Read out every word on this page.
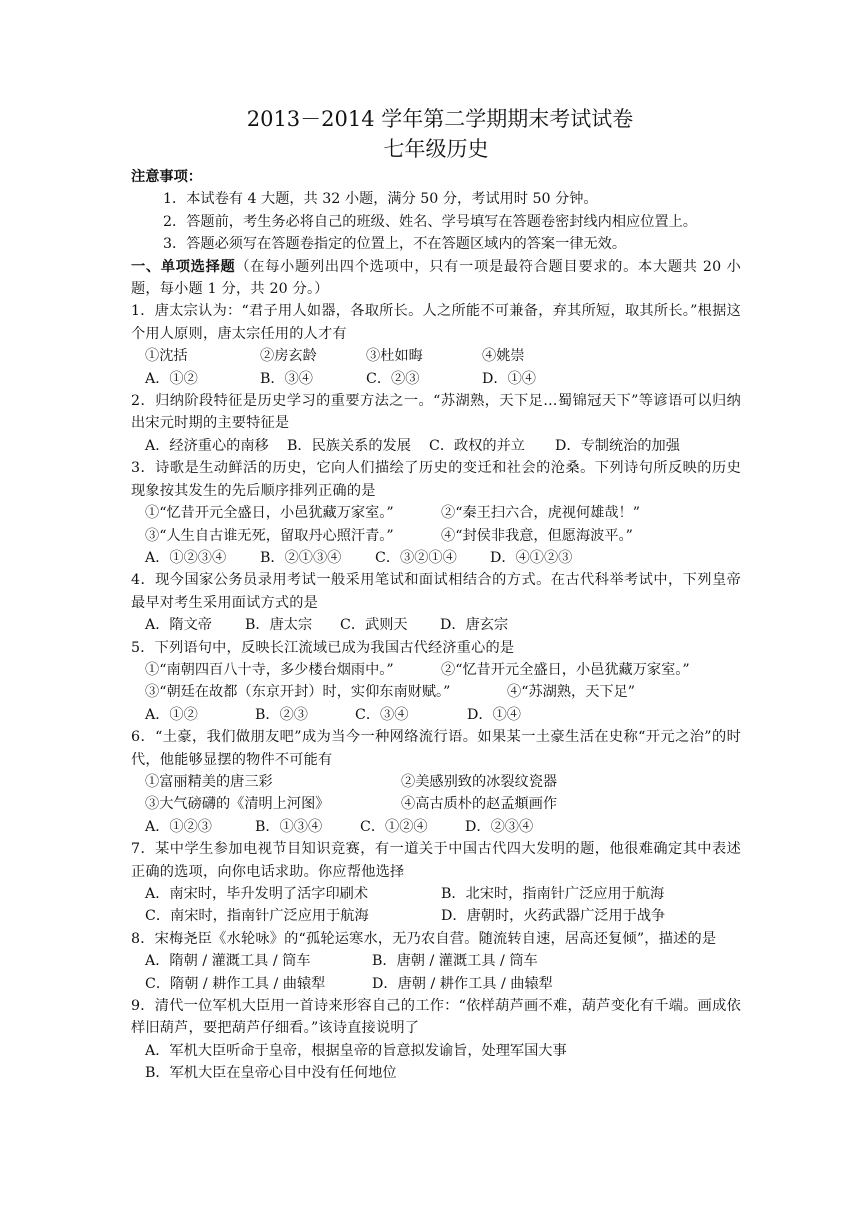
2013－2014 学年第二学期期末考试试卷
七年级历史
注意事项：
1．本试卷有 4 大题，共 32 小题，满分 50 分，考试用时 50 分钟。
2．答题前，考生务必将自己的班级、姓名、学号填写在答题卷密封线内相应位置上。
3．答题必须写在答题卷指定的位置上，不在答题区域内的答案一律无效。
一、单项选择题（在每小题列出四个选项中，只有一项是最符合题目要求的。本大题共 20 小题，每小题 1 分，共 20 分。）
1．唐太宗认为：“君子用人如器，各取所长。人之所能不可兼备，弃其所短，取其所长。”根据这个用人原则，唐太宗任用的人才有
①沈括	②房玄龄	③杜如晦	④姚崇
A．①②	B．③④	C．②③	D．①④
2．归纳阶段特征是历史学习的重要方法之一。“苏湖熟，天下足…蜀锦冠天下”等谚语可以归纳出宋元时期的主要特征是
A．经济重心的南移 B．民族关系的发展 C．政权的并立 D．专制统治的加强
3．诗歌是生动鲜活的历史，它向人们描绘了历史的变迁和社会的沧桑。下列诗句所反映的历史现象按其发生的先后顺序排列正确的是
①“忆昔开元全盛日，小邑犹藏万家室。”	②“秦王扫六合，虎视何雄哉！”
③“人生自古谁无死，留取丹心照汗青。”	④“封侯非我意，但愿海波平。”
A．①②③④ B．②①③④ C．③②①④ D．④①②③
4．现今国家公务员录用考试一般采用笔试和面试相结合的方式。在古代科举考试中，下列皇帝最早对考生采用面试方式的是
A．隋文帝 B．唐太宗 C．武则天 D．唐玄宗
5．下列语句中，反映长江流域已成为我国古代经济重心的是
①“南朝四百八十寺，多少楼台烟雨中。”	②“忆昔开元全盛日，小邑犹藏万家室。”
③“朝廷在故都（东京开封）时，实仰东南财赋。”	④“苏湖熟，天下足”
A．①②	B．②③	C．③④	D．①④
6．“土豪，我们做朋友吧”成为当今一种网络流行语。如果某一土豪生活在史称“开元之治”的时代，他能够显摆的物件不可能有
①富丽精美的唐三彩	②美感别致的冰裂纹瓷器
③大气磅礴的《清明上河图》	④高古质朴的赵孟頫画作
A．①②③	B．①③④	C．①②④	D．②③④
7．某中学生参加电视节目知识竞赛，有一道关于中国古代四大发明的题，他很难确定其中表述正确的选项，向你电话求助。你应帮他选择
A．南宋时，毕升发明了活字印刷术	B．北宋时，指南针广泛应用于航海
C．南宋时，指南针广泛应用于航海	D．唐朝时，火药武器广泛用于战争
8．宋梅尧臣《水轮咏》的“孤轮运寒水，无乃农自营。随流转自速，居高还复倾”，描述的是
A．隋朝 / 灌溉工具 / 筒车	B．唐朝 / 灌溉工具 / 筒车
C．隋朝 / 耕作工具 / 曲辕犁	D．唐朝 / 耕作工具 / 曲辕犁
9．清代一位军机大臣用一首诗来形容自己的工作：“依样葫芦画不难，葫芦变化有千端。画成依样旧葫芦，要把葫芦仔细看。”该诗直接说明了
A．军机大臣听命于皇帝，根据皇帝的旨意拟发谕旨，处理军国大事
B．军机大臣在皇帝心目中没有任何地位
